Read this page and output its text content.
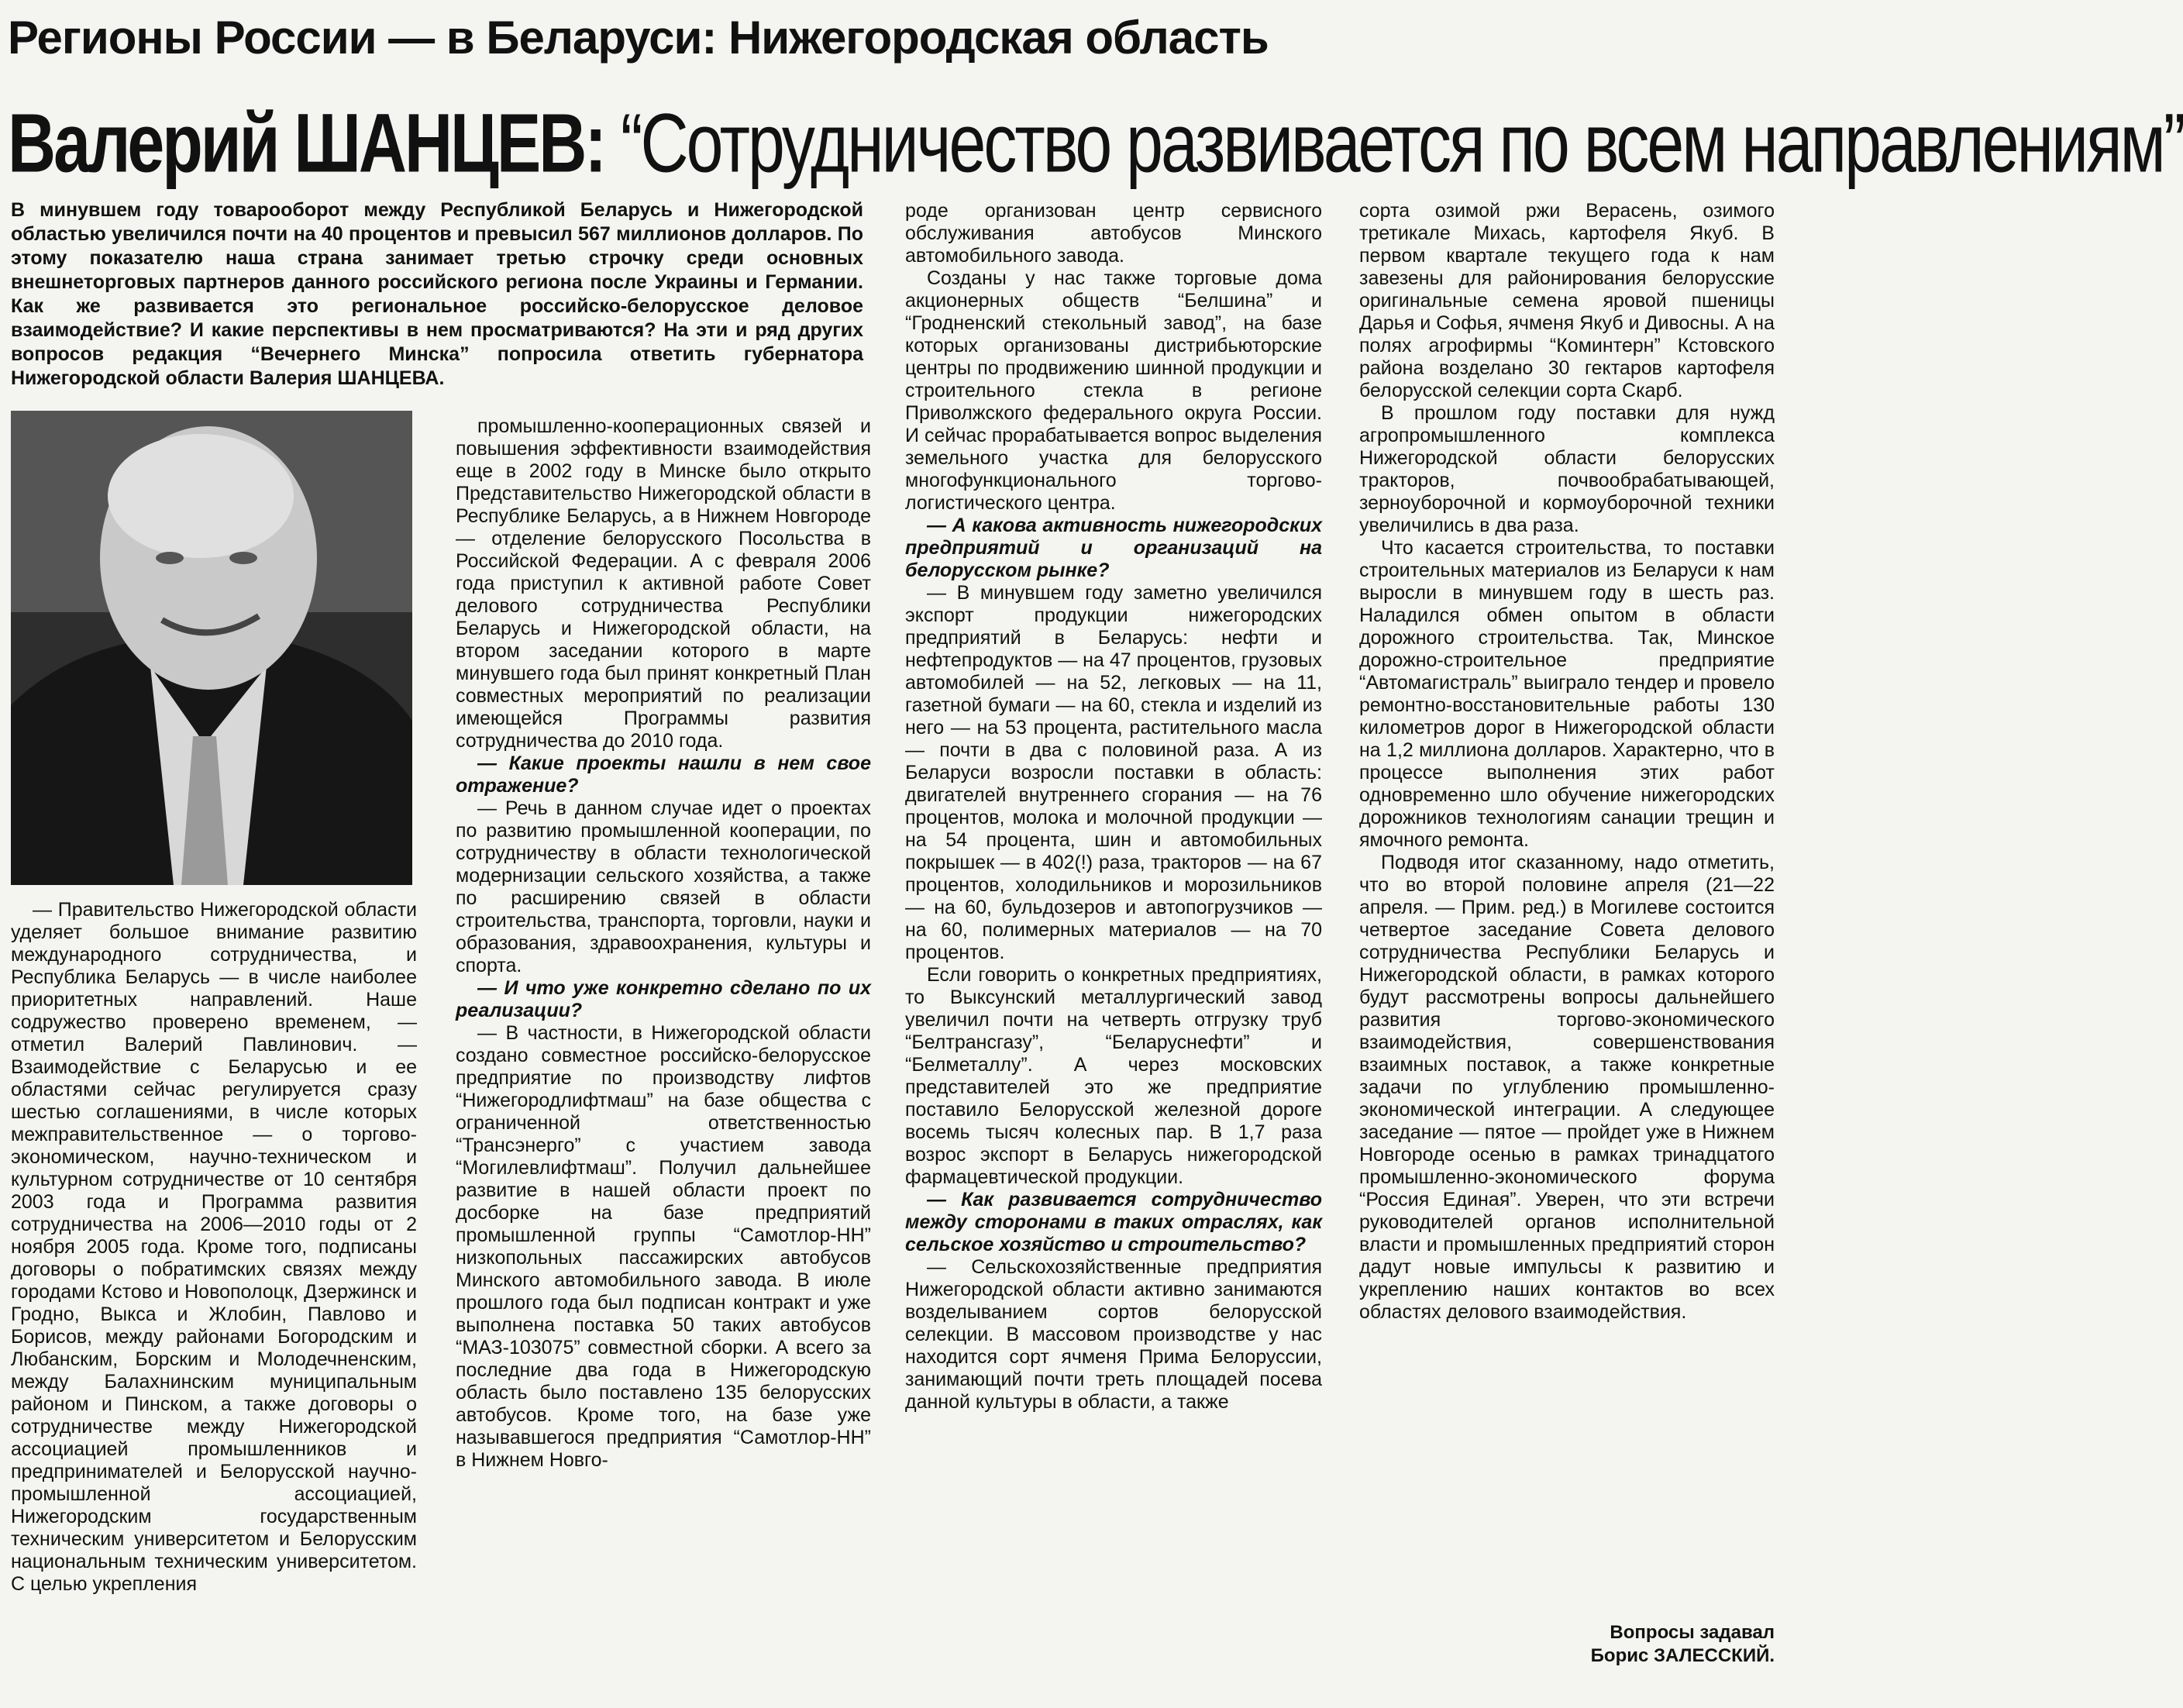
Регионы России — в Беларуси: Нижегородская область
Валерий ШАНЦЕВ: “Сотрудничество развивается по всем направлениям”
В минувшем году товарооборот между Республикой Беларусь и Нижегородской областью увеличился почти на 40 процентов и превысил 567 миллионов долларов. По этому показателю наша страна занимает третью строчку среди основных внешнеторговых партнеров данного российского региона после Украины и Германии. Как же развивается это региональное российско-белорусское деловое взаимодействие? И какие перспективы в нем просматриваются? На эти и ряд других вопросов редакция “Вечернего Минска” попросила ответить губернатора Нижегородской области Валерия ШАНЦЕВА.

— Правительство Нижегородской области уделяет большое внимание развитию международного сотрудничества, и Республика Беларусь — в числе наиболее приоритетных направлений. Наше содружество проверено временем, — отметил Валерий Павлинович. — Взаимодействие с Беларусью и ее областями сейчас регулируется сразу шестью соглашениями, в числе которых межправительственное — о торгово-экономическом, научно-техническом и культурном сотрудничестве от 10 сентября 2003 года и Программа развития сотрудничества на 2006—2010 годы от 2 ноября 2005 года. Кроме того, подписаны договоры о побратимских связях между городами Кстово и Новополоцк, Дзержинск и Гродно, Выкса и Жлобин, Павлово и Борисов, между районами Богородским и Любанским, Борским и Молодечненским, между Балахнинским муниципальным районом и Пинском, а также договоры о сотрудничестве между Нижегородской ассоциацией промышленников и предпринимателей и Белорусской научно-промышленной ассоциацией, Нижегородским государственным техническим университетом и Белорусским национальным техническим университетом. С целью укрепления

промышленно-кооперационных связей и повышения эффективности взаимодействия еще в 2002 году в Минске было открыто Представительство Нижегородской области в Республике Беларусь, а в Нижнем Новгороде — отделение белорусского Посольства в Российской Федерации. А с февраля 2006 года приступил к активной работе Совет делового сотрудничества Республики Беларусь и Нижегородской области, на втором заседании которого в марте минувшего года был принят конкретный План совместных мероприятий по реализации имеющейся Программы развития сотрудничества до 2010 года.

— Какие проекты нашли в нем свое отражение?

— Речь в данном случае идет о проектах по развитию промышленной кооперации, по сотрудничеству в области технологической модернизации сельского хозяйства, а также по расширению связей в области строительства, транспорта, торговли, науки и образования, здравоохранения, культуры и спорта.

— И что уже конкретно сделано по их реализации?

— В частности, в Нижегородской области создано совместное российско-белорусское предприятие по производству лифтов “Нижегородлифтмаш” на базе общества с ограниченной ответственностью “Трансэнерго” с участием завода “Могилевлифтмаш”. Получил дальнейшее развитие в нашей области проект по досборке на базе предприятий промышленной группы “Самотлор-НН” низкопольных пассажирских автобусов Минского автомобильного завода. В июле прошлого года был подписан контракт и уже выполнена поставка 50 таких автобусов “МАЗ-103075” совместной сборки. А всего за последние два года в Нижегородскую область было поставлено 135 белорусских автобусов. Кроме того, на базе уже называвшегося предприятия “Самотлор-НН” в Нижнем Новго-

роде организован центр сервисного обслуживания автобусов Минского автомобильного завода.

Созданы у нас также торговые дома акционерных обществ “Белшина” и “Гродненский стекольный завод”, на базе которых организованы дистрибьюторские центры по продвижению шинной продукции и строительного стекла в регионе Приволжского федерального округа России. И сейчас прорабатывается вопрос выделения земельного участка для белорусского многофункционального торгово-логистического центра.

— А какова активность нижегородских предприятий и организаций на белорусском рынке?

— В минувшем году заметно увеличился экспорт продукции нижегородских предприятий в Беларусь: нефти и нефтепродуктов — на 47 процентов, грузовых автомобилей — на 52, легковых — на 11, газетной бумаги — на 60, стекла и изделий из него — на 53 процента, растительного масла — почти в два с половиной раза. А из Беларуси возросли поставки в область: двигателей внутреннего сгорания — на 76 процентов, молока и молочной продукции — на 54 процента, шин и автомобильных покрышек — в 402(!) раза, тракторов — на 67 процентов, холодильников и морозильников — на 60, бульдозеров и автопогрузчиков — на 60, полимерных материалов — на 70 процентов.

Если говорить о конкретных предприятиях, то Выксунский металлургический завод увеличил почти на четверть отгрузку труб “Белтрансгазу”, “Беларуснефти” и “Белметаллу”. А через московских представителей это же предприятие поставило Белорусской железной дороге восемь тысяч колесных пар. В 1,7 раза возрос экспорт в Беларусь нижегородской фармацевтической продукции.

— Как развивается сотрудничество между сторонами в таких отраслях, как сельское хозяйство и строительство?

— Сельскохозяйственные предприятия Нижегородской области активно занимаются возделыванием сортов белорусской селекции. В массовом производстве у нас находится сорт ячменя Прима Белоруссии, занимающий почти треть площадей посева данной культуры в области, а также

сорта озимой ржи Верасень, озимого третикале Михась, картофеля Якуб. В первом квартале текущего года к нам завезены для районирования белорусские оригинальные семена яровой пшеницы Дарья и Софья, ячменя Якуб и Дивосны. А на полях агрофирмы “Коминтерн” Кстовского района возделано 30 гектаров картофеля белорусской селекции сорта Скарб.

В прошлом году поставки для нужд агропромышленного комплекса Нижегородской области белорусских тракторов, почвообрабатывающей, зерноуборочной и кормоуборочной техники увеличились в два раза.

Что касается строительства, то поставки строительных материалов из Беларуси к нам выросли в минувшем году в шесть раз. Наладился обмен опытом в области дорожного строительства. Так, Минское дорожно-строительное предприятие “Автомагистраль” выиграло тендер и провело ремонтно-восстановительные работы 130 километров дорог в Нижегородской области на 1,2 миллиона долларов. Характерно, что в процессе выполнения этих работ одновременно шло обучение нижегородских дорожников технологиям санации трещин и ямочного ремонта.

Подводя итог сказанному, надо отметить, что во второй половине апреля (21—22 апреля. — Прим. ред.) в Могилеве состоится четвертое заседание Совета делового сотрудничества Республики Беларусь и Нижегородской области, в рамках которого будут рассмотрены вопросы дальнейшего развития торгово-экономического взаимодействия, совершенствования взаимных поставок, а также конкретные задачи по углублению промышленно-экономической интеграции. А следующее заседание — пятое — пройдет уже в Нижнем Новгороде осенью в рамках тринадцатого промышленно-экономического форума “Россия Единая”. Уверен, что эти встречи руководителей органов исполнительной власти и промышленных предприятий сторон дадут новые импульсы к развитию и укреплению наших контактов во всех областях делового взаимодействия.

Вопросы задавал
Борис ЗАЛЕССКИЙ.
